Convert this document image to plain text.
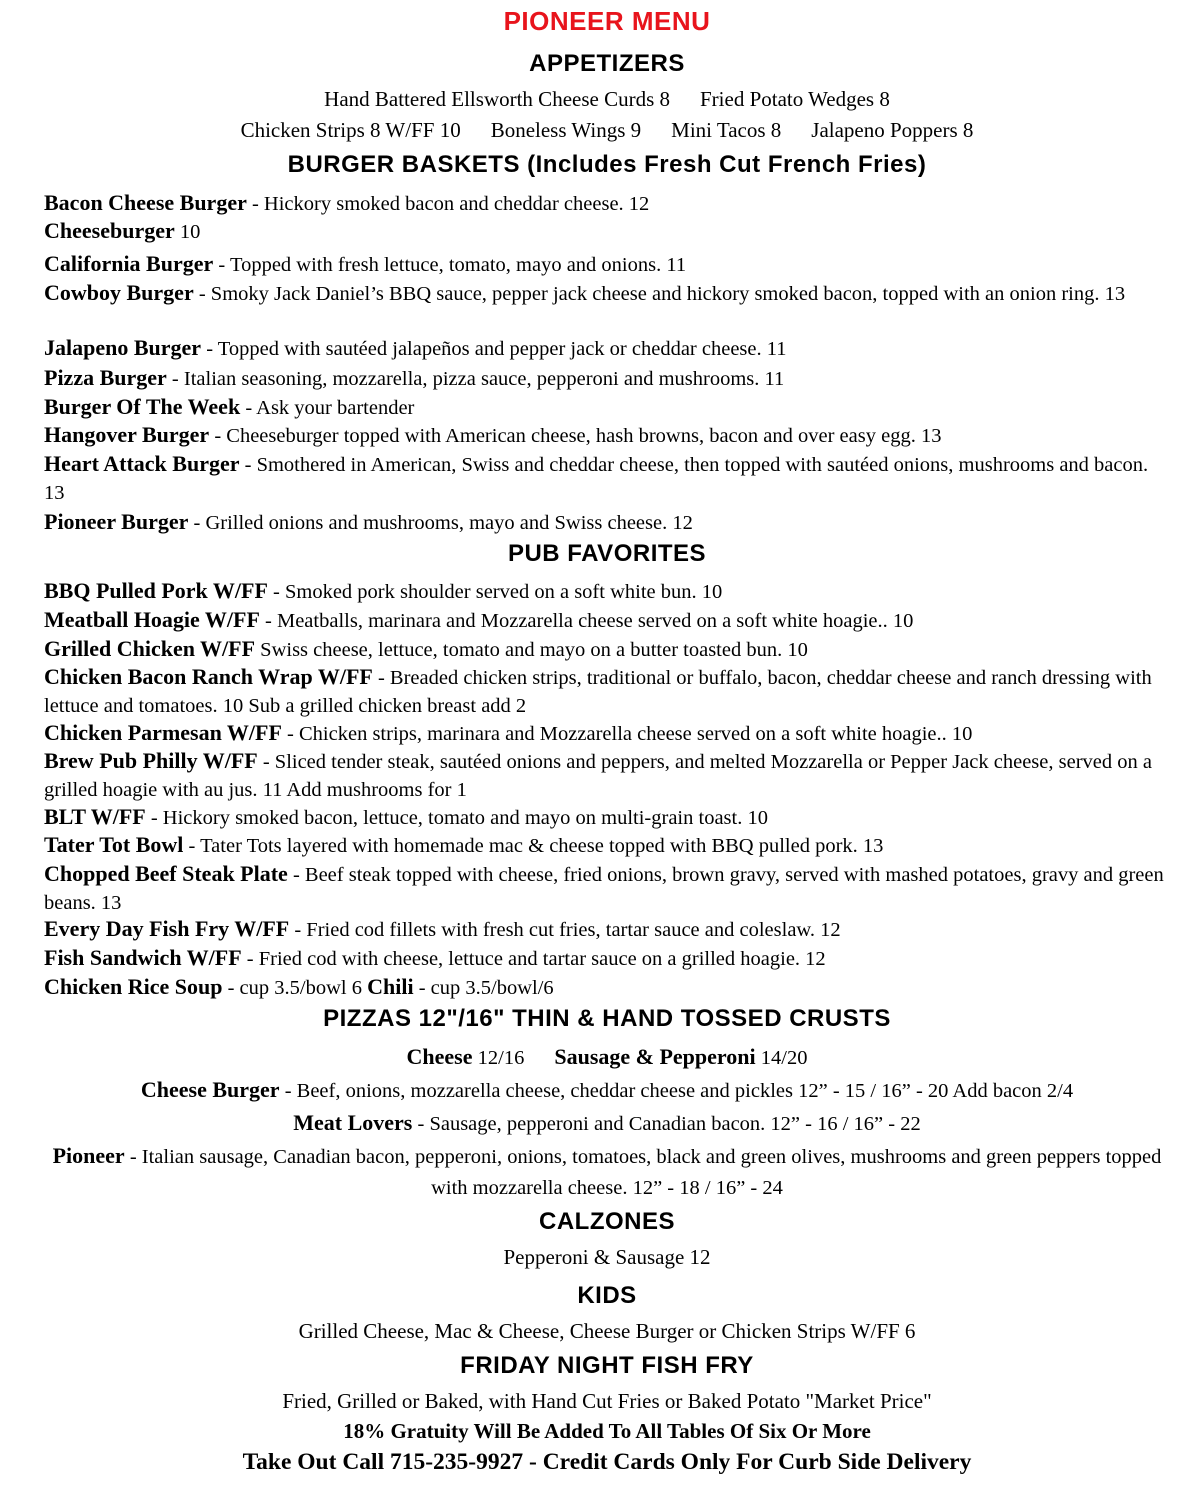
PIONEER MENU
APPETIZERS
Hand Battered Ellsworth Cheese Curds 8 Fried Potato Wedges 8
Chicken Strips 8 W/FF 10 Boneless Wings 9 Mini Tacos 8 Jalapeno Poppers 8
BURGER BASKETS (Includes Fresh Cut French Fries)
Bacon Cheese Burger - Hickory smoked bacon and cheddar cheese. 12
Cheeseburger 10
California Burger - Topped with fresh lettuce, tomato, mayo and onions. 11
Cowboy Burger - Smoky Jack Daniel’s BBQ sauce, pepper jack cheese and hickory smoked bacon, topped with an onion ring. 13
Jalapeno Burger - Topped with sautéed jalapeños and pepper jack or cheddar cheese. 11
Pizza Burger - Italian seasoning, mozzarella, pizza sauce, pepperoni and mushrooms. 11
Burger Of The Week - Ask your bartender
Hangover Burger - Cheeseburger topped with American cheese, hash browns, bacon and over easy egg. 13
Heart Attack Burger - Smothered in American, Swiss and cheddar cheese, then topped with sautéed onions, mushrooms and bacon. 13
Pioneer Burger - Grilled onions and mushrooms, mayo and Swiss cheese. 12
PUB FAVORITES
BBQ Pulled Pork W/FF - Smoked pork shoulder served on a soft white bun. 10
Meatball Hoagie W/FF - Meatballs, marinara and Mozzarella cheese served on a soft white hoagie.. 10
Grilled Chicken W/FF Swiss cheese, lettuce, tomato and mayo on a butter toasted bun. 10
Chicken Bacon Ranch Wrap W/FF - Breaded chicken strips, traditional or buffalo, bacon, cheddar cheese and ranch dressing with lettuce and tomatoes. 10 Sub a grilled chicken breast add 2
Chicken Parmesan W/FF - Chicken strips, marinara and Mozzarella cheese served on a soft white hoagie.. 10
Brew Pub Philly W/FF - Sliced tender steak, sautéed onions and peppers, and melted Mozzarella or Pepper Jack cheese, served on a grilled hoagie with au jus. 11 Add mushrooms for 1
BLT W/FF - Hickory smoked bacon, lettuce, tomato and mayo on multi-grain toast. 10
Tater Tot Bowl - Tater Tots layered with homemade mac & cheese topped with BBQ pulled pork. 13
Chopped Beef Steak Plate - Beef steak topped with cheese, fried onions, brown gravy, served with mashed potatoes, gravy and green beans. 13
Every Day Fish Fry W/FF - Fried cod fillets with fresh cut fries, tartar sauce and coleslaw. 12
Fish Sandwich W/FF - Fried cod with cheese, lettuce and tartar sauce on a grilled hoagie. 12
Chicken Rice Soup - cup 3.5/bowl 6 Chili - cup 3.5/bowl/6
PIZZAS 12"/16" THIN & HAND TOSSED CRUSTS
Cheese 12/16 Sausage & Pepperoni 14/20
Cheese Burger - Beef, onions, mozzarella cheese, cheddar cheese and pickles 12” - 15 / 16” - 20 Add bacon 2/4
Meat Lovers - Sausage, pepperoni and Canadian bacon. 12” - 16 / 16” - 22
Pioneer - Italian sausage, Canadian bacon, pepperoni, onions, tomatoes, black and green olives, mushrooms and green peppers topped with mozzarella cheese. 12” - 18 / 16” - 24
CALZONES
Pepperoni & Sausage 12
KIDS
Grilled Cheese, Mac & Cheese, Cheese Burger or Chicken Strips W/FF 6
FRIDAY NIGHT FISH FRY
Fried, Grilled or Baked, with Hand Cut Fries or Baked Potato "Market Price"
18% Gratuity Will Be Added To All Tables Of Six Or More
Take Out Call 715-235-9927 - Credit Cards Only For Curb Side Delivery
